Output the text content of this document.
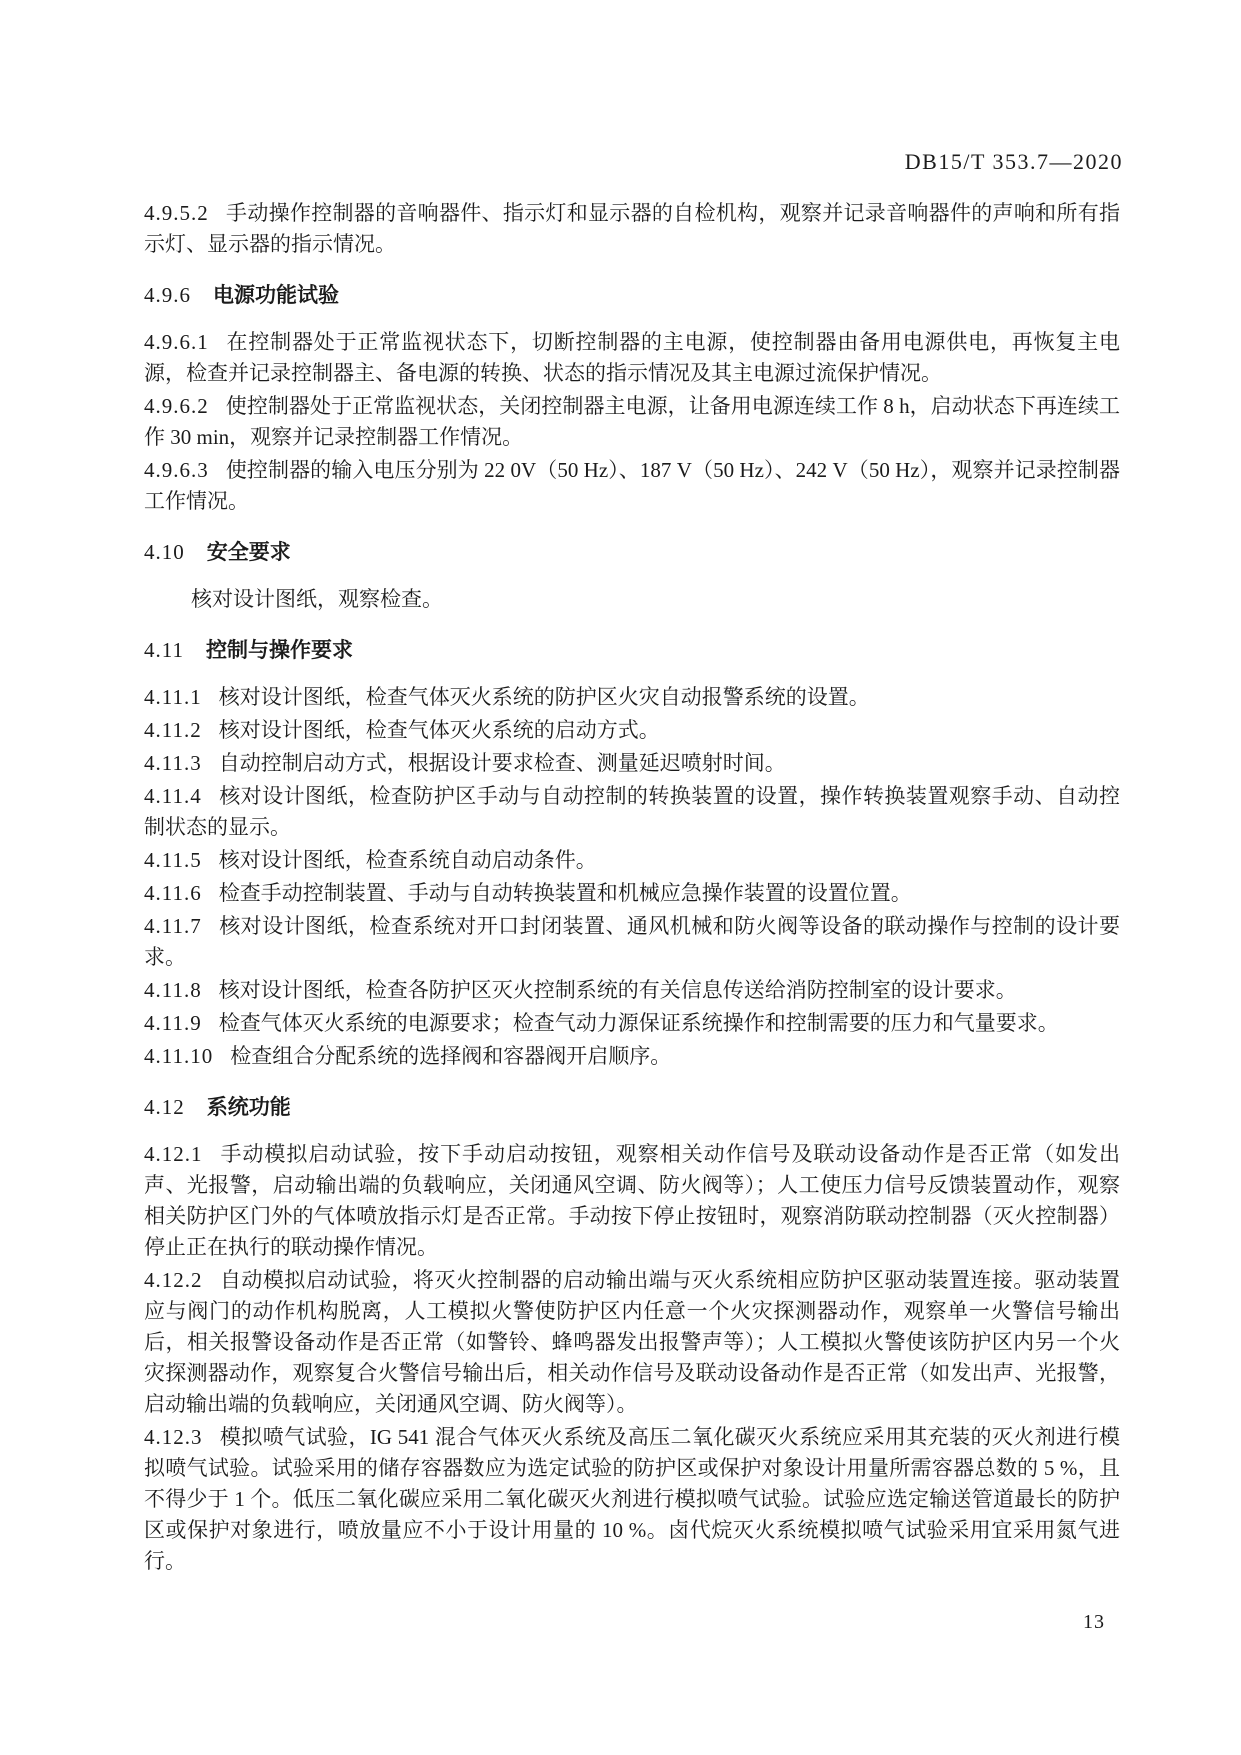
DB15/T 353.7—2020

4.9.5.2 手动操作控制器的音响器件、指示灯和显示器的自检机构，观察并记录音响器件的声响和所有指示灯、显示器的指示情况。

4.9.6 电源功能试验

4.9.6.1 在控制器处于正常监视状态下，切断控制器的主电源，使控制器由备用电源供电，再恢复主电源，检查并记录控制器主、备电源的转换、状态的指示情况及其主电源过流保护情况。

4.9.6.2 使控制器处于正常监视状态，关闭控制器主电源，让备用电源连续工作 8 h，启动状态下再连续工作 30 min，观察并记录控制器工作情况。

4.9.6.3 使控制器的输入电压分别为 22 0V（50 Hz）、187 V（50 Hz）、242 V（50 Hz），观察并记录控制器工作情况。

4.10 安全要求

核对设计图纸，观察检查。

4.11 控制与操作要求

4.11.1 核对设计图纸，检查气体灭火系统的防护区火灾自动报警系统的设置。

4.11.2 核对设计图纸，检查气体灭火系统的启动方式。

4.11.3 自动控制启动方式，根据设计要求检查、测量延迟喷射时间。

4.11.4 核对设计图纸，检查防护区手动与自动控制的转换装置的设置，操作转换装置观察手动、自动控制状态的显示。

4.11.5 核对设计图纸，检查系统自动启动条件。

4.11.6 检查手动控制装置、手动与自动转换装置和机械应急操作装置的设置位置。

4.11.7 核对设计图纸，检查系统对开口封闭装置、通风机械和防火阀等设备的联动操作与控制的设计要求。

4.11.8 核对设计图纸，检查各防护区灭火控制系统的有关信息传送给消防控制室的设计要求。

4.11.9 检查气体灭火系统的电源要求；检查气动力源保证系统操作和控制需要的压力和气量要求。

4.11.10 检查组合分配系统的选择阀和容器阀开启顺序。

4.12 系统功能

4.12.1 手动模拟启动试验，按下手动启动按钮，观察相关动作信号及联动设备动作是否正常（如发出声、光报警，启动输出端的负载响应，关闭通风空调、防火阀等）；人工使压力信号反馈装置动作，观察相关防护区门外的气体喷放指示灯是否正常。手动按下停止按钮时，观察消防联动控制器（灭火控制器）停止正在执行的联动操作情况。

4.12.2 自动模拟启动试验，将灭火控制器的启动输出端与灭火系统相应防护区驱动装置连接。驱动装置应与阀门的动作机构脱离，人工模拟火警使防护区内任意一个火灾探测器动作，观察单一火警信号输出后，相关报警设备动作是否正常（如警铃、蜂鸣器发出报警声等）；人工模拟火警使该防护区内另一个火灾探测器动作，观察复合火警信号输出后，相关动作信号及联动设备动作是否正常（如发出声、光报警，启动输出端的负载响应，关闭通风空调、防火阀等）。

4.12.3 模拟喷气试验，IG 541 混合气体灭火系统及高压二氧化碳灭火系统应采用其充装的灭火剂进行模拟喷气试验。试验采用的储存容器数应为选定试验的防护区或保护对象设计用量所需容器总数的 5 %，且不得少于 1 个。低压二氧化碳应采用二氧化碳灭火剂进行模拟喷气试验。试验应选定输送管道最长的防护区或保护对象进行，喷放量应不小于设计用量的 10 %。卤代烷灭火系统模拟喷气试验采用宜采用氮气进行。

13
